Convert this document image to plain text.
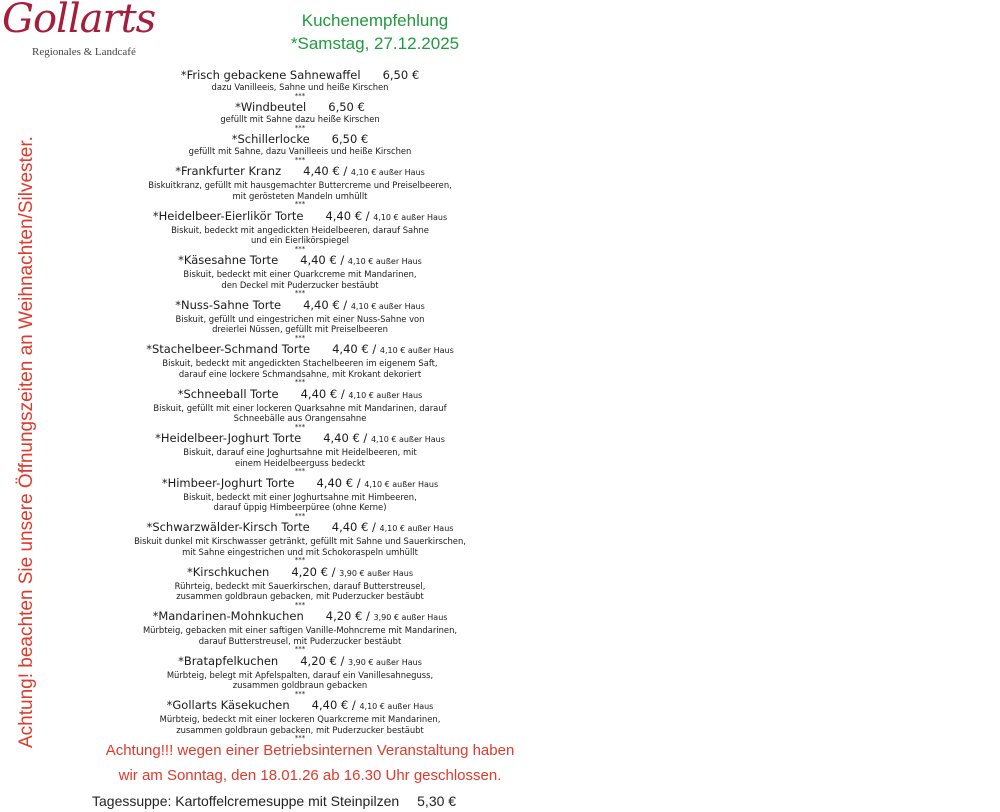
Gollarts
Regionales & Landcafé
Kuchenempfehlung
*Samstag, 27.12.2025
Achtung! beachten Sie unsere Öffnungszeiten an Weihnachten/Silvester.
*Frisch gebackene Sahnewaffel 6,50 €
dazu Vanilleeis, Sahne und heiße Kirschen
***
*Windbeutel 6,50 €
gefüllt mit Sahne dazu heiße Kirschen
***
*Schillerlocke 6,50 €
gefüllt mit Sahne, dazu Vanilleeis und heiße Kirschen
***
*Frankfurter Kranz 4,40 € / 4,10 € außer Haus
Biskuitkranz, gefüllt mit hausgemachter Buttercreme und Preiselbeeren,
mit gerösteten Mandeln umhüllt
***
*Heidelbeer-Eierlikör Torte 4,40 € / 4,10 € außer Haus
Biskuit, bedeckt mit angedickten Heidelbeeren, darauf Sahne
und ein Eierlikörspiegel
***
*Käsesahne Torte 4,40 € / 4,10 € außer Haus
Biskuit, bedeckt mit einer Quarkcreme mit Mandarinen,
den Deckel mit Puderzucker bestäubt
***
*Nuss-Sahne Torte 4,40 € / 4,10 € außer Haus
Biskuit, gefüllt und eingestrichen mit einer Nuss-Sahne von
dreierlei Nüssen, gefüllt mit Preiselbeeren
***
*Stachelbeer-Schmand Torte 4,40 € / 4,10 € außer Haus
Biskuit, bedeckt mit angedickten Stachelbeeren im eigenem Saft,
darauf eine lockere Schmandsahne, mit Krokant dekoriert
***
*Schneeball Torte 4,40 € / 4,10 € außer Haus
Biskuit, gefüllt mit einer lockeren Quarksahne mit Mandarinen, darauf
Schneebälle aus Orangensahne
***
*Heidelbeer-Joghurt Torte 4,40 € / 4,10 € außer Haus
Biskuit, darauf eine Joghurtsahne mit Heidelbeeren, mit
einem Heidelbeerguss bedeckt
***
*Himbeer-Joghurt Torte 4,40 € / 4,10 € außer Haus
Biskuit, bedeckt mit einer Joghurtsahne mit Himbeeren,
darauf üppig Himbeerpüree (ohne Kerne)
***
*Schwarzwälder-Kirsch Torte 4,40 € / 4,10 € außer Haus
Biskuit dunkel mit Kirschwasser getränkt, gefüllt mit Sahne und Sauerkirschen,
mit Sahne eingestrichen und mit Schokoraspeln umhüllt
***
*Kirschkuchen 4,20 € / 3,90 € außer Haus
Rührteig, bedeckt mit Sauerkirschen, darauf Butterstreusel,
zusammen goldbraun gebacken, mit Puderzucker bestäubt
***
*Mandarinen-Mohnkuchen 4,20 € / 3,90 € außer Haus
Mürbteig, gebacken mit einer saftigen Vanille-Mohncreme mit Mandarinen,
darauf Butterstreusel, mit Puderzucker bestäubt
***
*Bratapfelkuchen 4,20 € / 3,90 € außer Haus
Mürbteig, belegt mit Apfelspalten, darauf ein Vanillesahneguss,
zusammen goldbraun gebacken
***
*Gollarts Käsekuchen 4,40 € / 4,10 € außer Haus
Mürbteig, bedeckt mit einer lockeren Quarkcreme mit Mandarinen,
zusammen goldbraun gebacken, mit Puderzucker bestäubt
***
Achtung!!! wegen einer Betriebsinternen Veranstaltung haben
wir am Sonntag, den 18.01.26 ab 16.30 Uhr geschlossen.
Tagessuppe: Kartoffelcremesuppe mit Steinpilzen 5,30 €
